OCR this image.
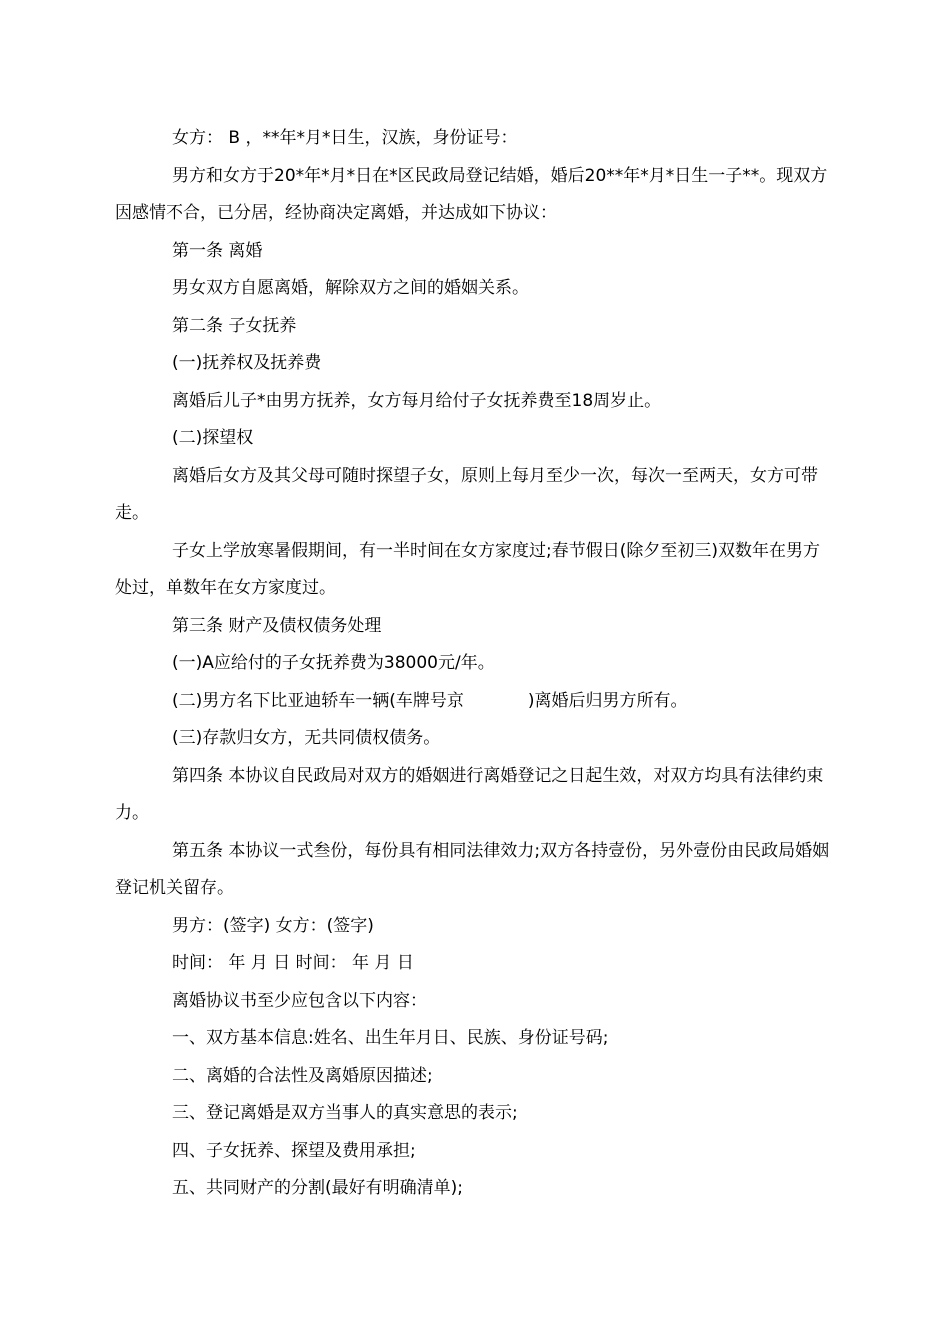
女方： B ，**年*月*日生，汉族，身份证号：

男方和女方于20*年*月*日在*区民政局登记结婚，婚后20**年*月*日生一子**。现双方因感情不合，已分居，经协商决定离婚，并达成如下协议：

第一条 离婚

男女双方自愿离婚，解除双方之间的婚姻关系。

第二条 子女抚养

(一)抚养权及抚养费

离婚后儿子*由男方抚养，女方每月给付子女抚养费至18周岁止。

(二)探望权

离婚后女方及其父母可随时探望子女，原则上每月至少一次，每次一至两天，女方可带走。

子女上学放寒暑假期间，有一半时间在女方家度过;春节假日(除夕至初三)双数年在男方处过，单数年在女方家度过。

第三条 财产及债权债务处理

(一)A应给付的子女抚养费为38000元/年。

(二)男方名下比亚迪轿车一辆(车牌号京	)离婚后归男方所有。

(三)存款归女方，无共同债权债务。

第四条 本协议自民政局对双方的婚姻进行离婚登记之日起生效，对双方均具有法律约束力。

第五条 本协议一式叁份，每份具有相同法律效力;双方各持壹份，另外壹份由民政局婚姻登记机关留存。

男方：(签字) 女方：(签字)

时间： 年 月 日 时间： 年 月 日

离婚协议书至少应包含以下内容：

一、双方基本信息:姓名、出生年月日、民族、身份证号码;

二、离婚的合法性及离婚原因描述;

三、登记离婚是双方当事人的真实意思的表示;

四、子女抚养、探望及费用承担;

五、共同财产的分割(最好有明确清单);
